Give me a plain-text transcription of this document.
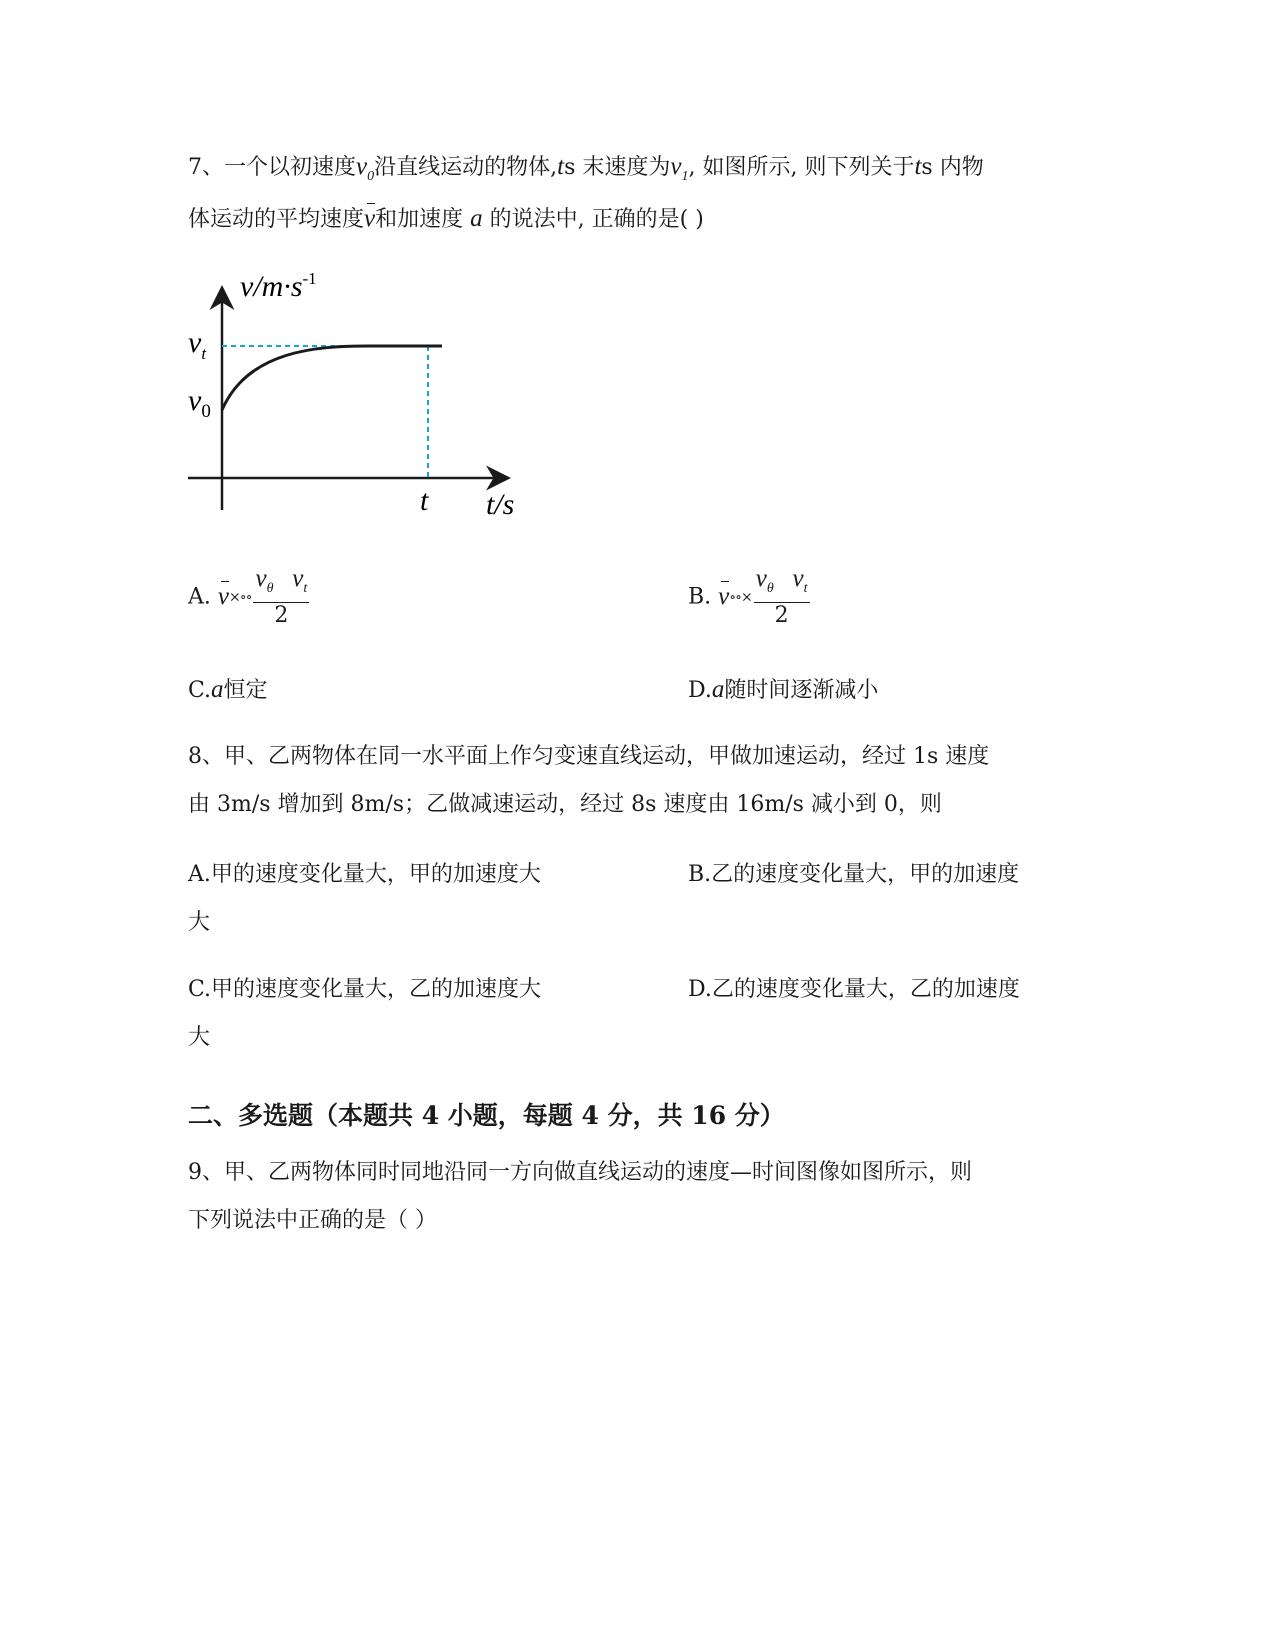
7、一个以初速度$v_0$沿直线运动的物体,ts 末速度为$v_1$, 如图所示, 则下列关于ts 内物
体运动的平均速度v和加速度 a 的说法中, 正确的是( )
$v/m\cdot s^{-1}$
$v_t$
$v_0$
t t/s
A. v×∘∘ $\frac{v_\theta v_t}{2}$	B. v∘∘× $\frac{v_\theta v_t}{2}$
C.a恒定	D.a随时间逐渐减小
8、甲、乙两物体在同一水平面上作匀变速直线运动，甲做加速运动，经过 1s 速度
由 3m/s 增加到 8m/s；乙做减速运动，经过 8s 速度由 16m/s 减小到 0，则
A.甲的速度变化量大，甲的加速度大	B.乙的速度变化量大，甲的加速度
大
C.甲的速度变化量大，乙的加速度大	D.乙的速度变化量大，乙的加速度
大
二、多选题（本题共 4 小题，每题 4 分，共 16 分）
9、甲、乙两物体同时同地沿同一方向做直线运动的速度—时间图像如图所示，则
下列说法中正确的是（ ）
